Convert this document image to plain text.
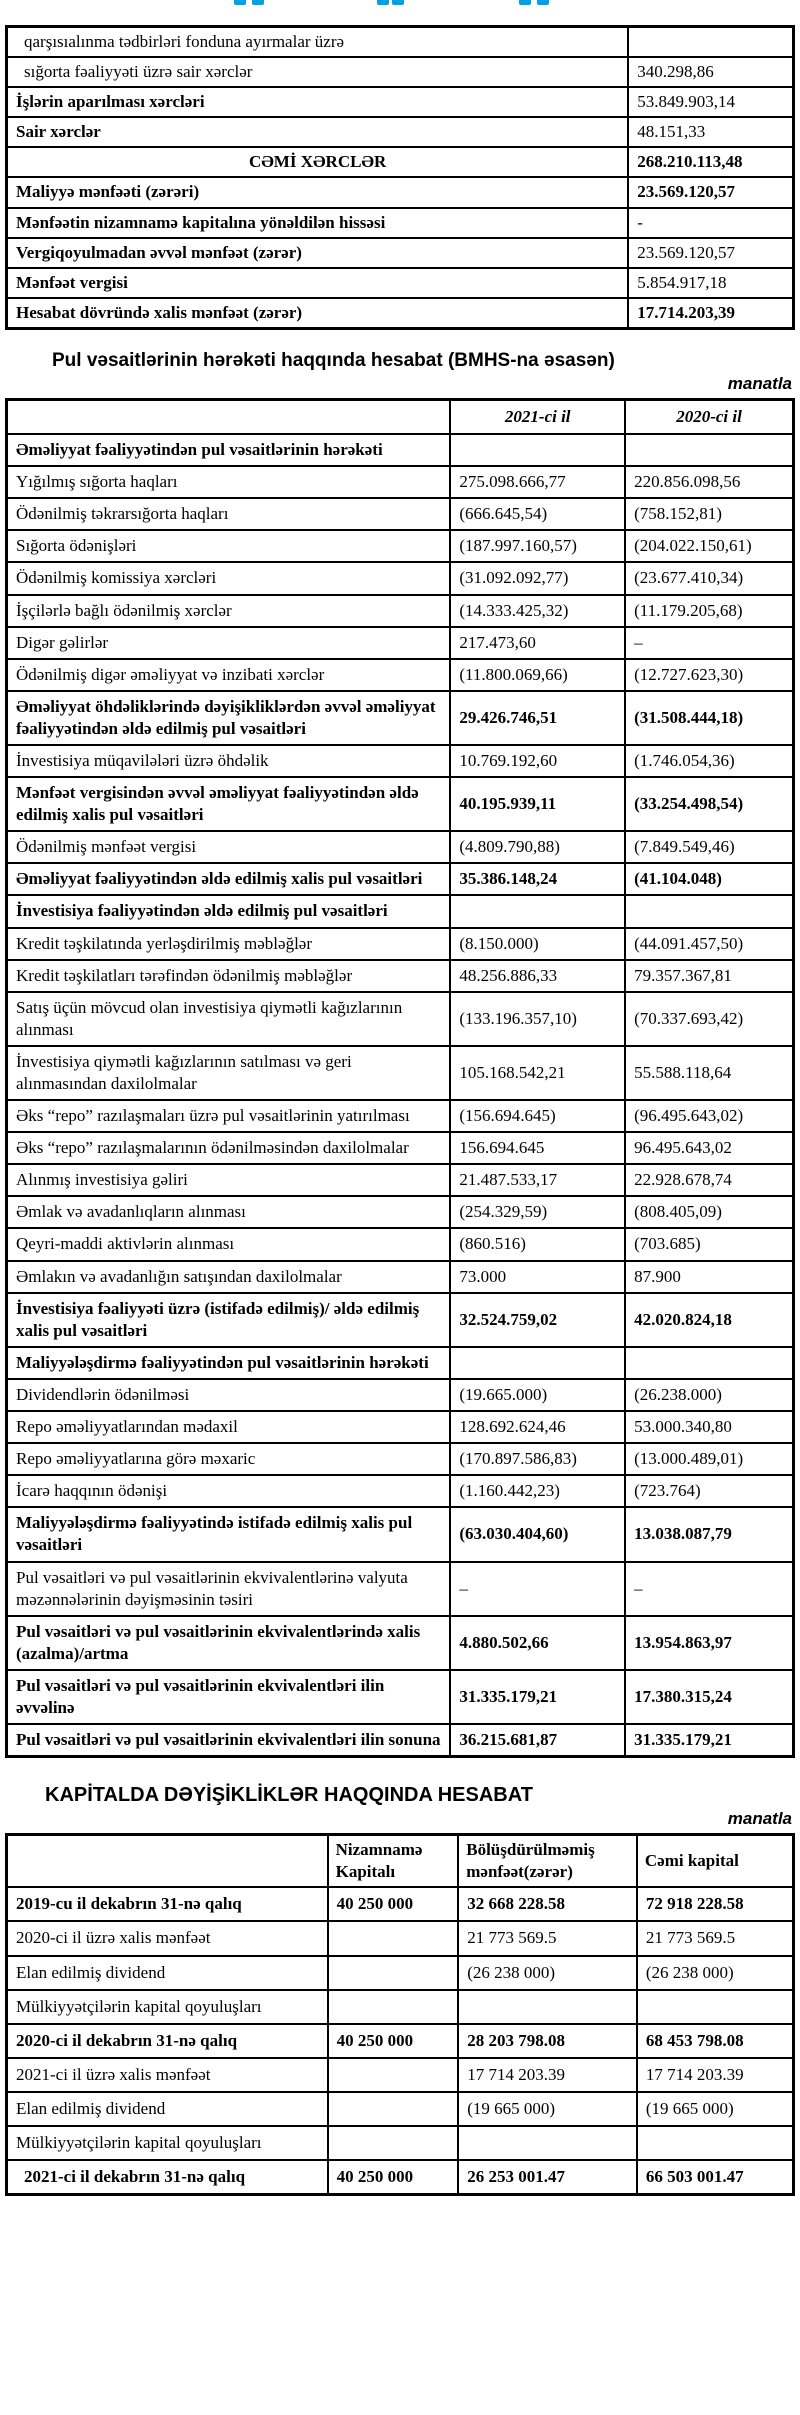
qarşısıalınma tədbirləri fonduna ayırmalar üzrə	
sığorta fəaliyyəti üzrə sair xərclər	340.298,86
İşlərin aparılması xərcləri	53.849.903,14
Sair xərclər	48.151,33
CƏMİ XƏRCLƏR	268.210.113,48
Maliyyə mənfəəti (zərəri)	23.569.120,57
Mənfəətin nizamnamə kapitalına yönəldilən hissəsi	-
Vergiqoyulmadan əvvəl mənfəət (zərər)	23.569.120,57
Mənfəət vergisi	5.854.917,18
Hesabat dövründə xalis mənfəət (zərər)	17.714.203,39
Pul vəsaitlərinin hərəkəti haqqında hesabat (BMHS-na əsasən)
manatla
	2021-ci il	2020-ci il
Əməliyyat fəaliyyətindən pul vəsaitlərinin hərəkəti		
Yığılmış sığorta haqları	275.098.666,77	220.856.098,56
Ödənilmiş təkrarsığorta haqları	(666.645,54)	(758.152,81)
Sığorta ödənişləri	(187.997.160,57)	(204.022.150,61)
Ödənilmiş komissiya xərcləri	(31.092.092,77)	(23.677.410,34)
İşçilərlə bağlı ödənilmiş xərclər	(14.333.425,32)	(11.179.205,68)
Digər gəlirlər	217.473,60	–
Ödənilmiş digər əməliyyat və inzibati xərclər	(11.800.069,66)	(12.727.623,30)
Əməliyyat öhdəliklərində dəyişikliklərdən əvvəl əməliyyat fəaliyyətindən əldə edilmiş pul vəsaitləri	29.426.746,51	(31.508.444,18)
İnvestisiya müqavilələri üzrə öhdəlik	10.769.192,60	(1.746.054,36)
Mənfəət vergisindən əvvəl əməliyyat fəaliyyətindən əldə edilmiş xalis pul vəsaitləri	40.195.939,11	(33.254.498,54)
Ödənilmiş mənfəət vergisi	(4.809.790,88)	(7.849.549,46)
Əməliyyat fəaliyyətindən əldə edilmiş xalis pul vəsaitləri	35.386.148,24	(41.104.048)
İnvestisiya fəaliyyətindən əldə edilmiş pul vəsaitləri		
Kredit təşkilatında yerləşdirilmiş məbləğlər	(8.150.000)	(44.091.457,50)
Kredit təşkilatları tərəfindən ödənilmiş məbləğlər	48.256.886,33	79.357.367,81
Satış üçün mövcud olan investisiya qiymətli kağızlarının alınması	(133.196.357,10)	(70.337.693,42)
İnvestisiya qiymətli kağızlarının satılması və geri alınmasından daxilolmalar	105.168.542,21	55.588.118,64
Əks “repo” razılaşmaları üzrə pul vəsaitlərinin yatırılması	(156.694.645)	(96.495.643,02)
Əks “repo” razılaşmalarının ödənilməsindən daxilolmalar	156.694.645	96.495.643,02
Alınmış investisiya gəliri	21.487.533,17	22.928.678,74
Əmlak və avadanlıqların alınması	(254.329,59)	(808.405,09)
Qeyri-maddi aktivlərin alınması	(860.516)	(703.685)
Əmlakın və avadanlığın satışından daxilolmalar	73.000	87.900
İnvestisiya fəaliyyəti üzrə (istifadə edilmiş)/ əldə edilmiş xalis pul vəsaitləri	32.524.759,02	42.020.824,18
Maliyyələşdirmə fəaliyyətindən pul vəsaitlərinin hərəkəti		
Dividendlərin ödənilməsi	(19.665.000)	(26.238.000)
Repo əməliyyatlarından mədaxil	128.692.624,46	53.000.340,80
Repo əməliyyatlarına görə məxaric	(170.897.586,83)	(13.000.489,01)
İcarə haqqının ödənişi	(1.160.442,23)	(723.764)
Maliyyələşdirmə fəaliyyətində istifadə edilmiş xalis pul vəsaitləri	(63.030.404,60)	13.038.087,79
Pul vəsaitləri və pul vəsaitlərinin ekvivalentlərinə valyuta məzənnələrinin dəyişməsinin təsiri	–	–
Pul vəsaitləri və pul vəsaitlərinin ekvivalentlərində xalis (azalma)/artma	4.880.502,66	13.954.863,97
Pul vəsaitləri və pul vəsaitlərinin ekvivalentləri ilin əvvəlinə	31.335.179,21	17.380.315,24
Pul vəsaitləri və pul vəsaitlərinin ekvivalentləri ilin sonuna	36.215.681,87	31.335.179,21
KAPİTALDA DƏYİŞİKLİKLƏR HAQQINDA HESABAT
manatla
	Nizamnamə Kapitalı	Bölüşdürülməmiş mənfəət(zərər)	Cəmi kapital
2019-cu il dekabrın 31-nə qalıq	40 250 000	32 668 228.58	72 918 228.58
2020-ci il üzrə xalis mənfəət		21 773 569.5	21 773 569.5
Elan edilmiş dividend		(26 238 000)	(26 238 000)
Mülkiyyətçilərin kapital qoyuluşları			
2020-ci il dekabrın 31-nə qalıq	40 250 000	28 203 798.08	68 453 798.08
2021-ci il üzrə xalis mənfəət		17 714 203.39	17 714 203.39
Elan edilmiş dividend		(19 665 000)	(19 665 000)
Mülkiyyətçilərin kapital qoyuluşları			
2021-ci il dekabrın 31-nə qalıq	40 250 000	26 253 001.47	66 503 001.47
